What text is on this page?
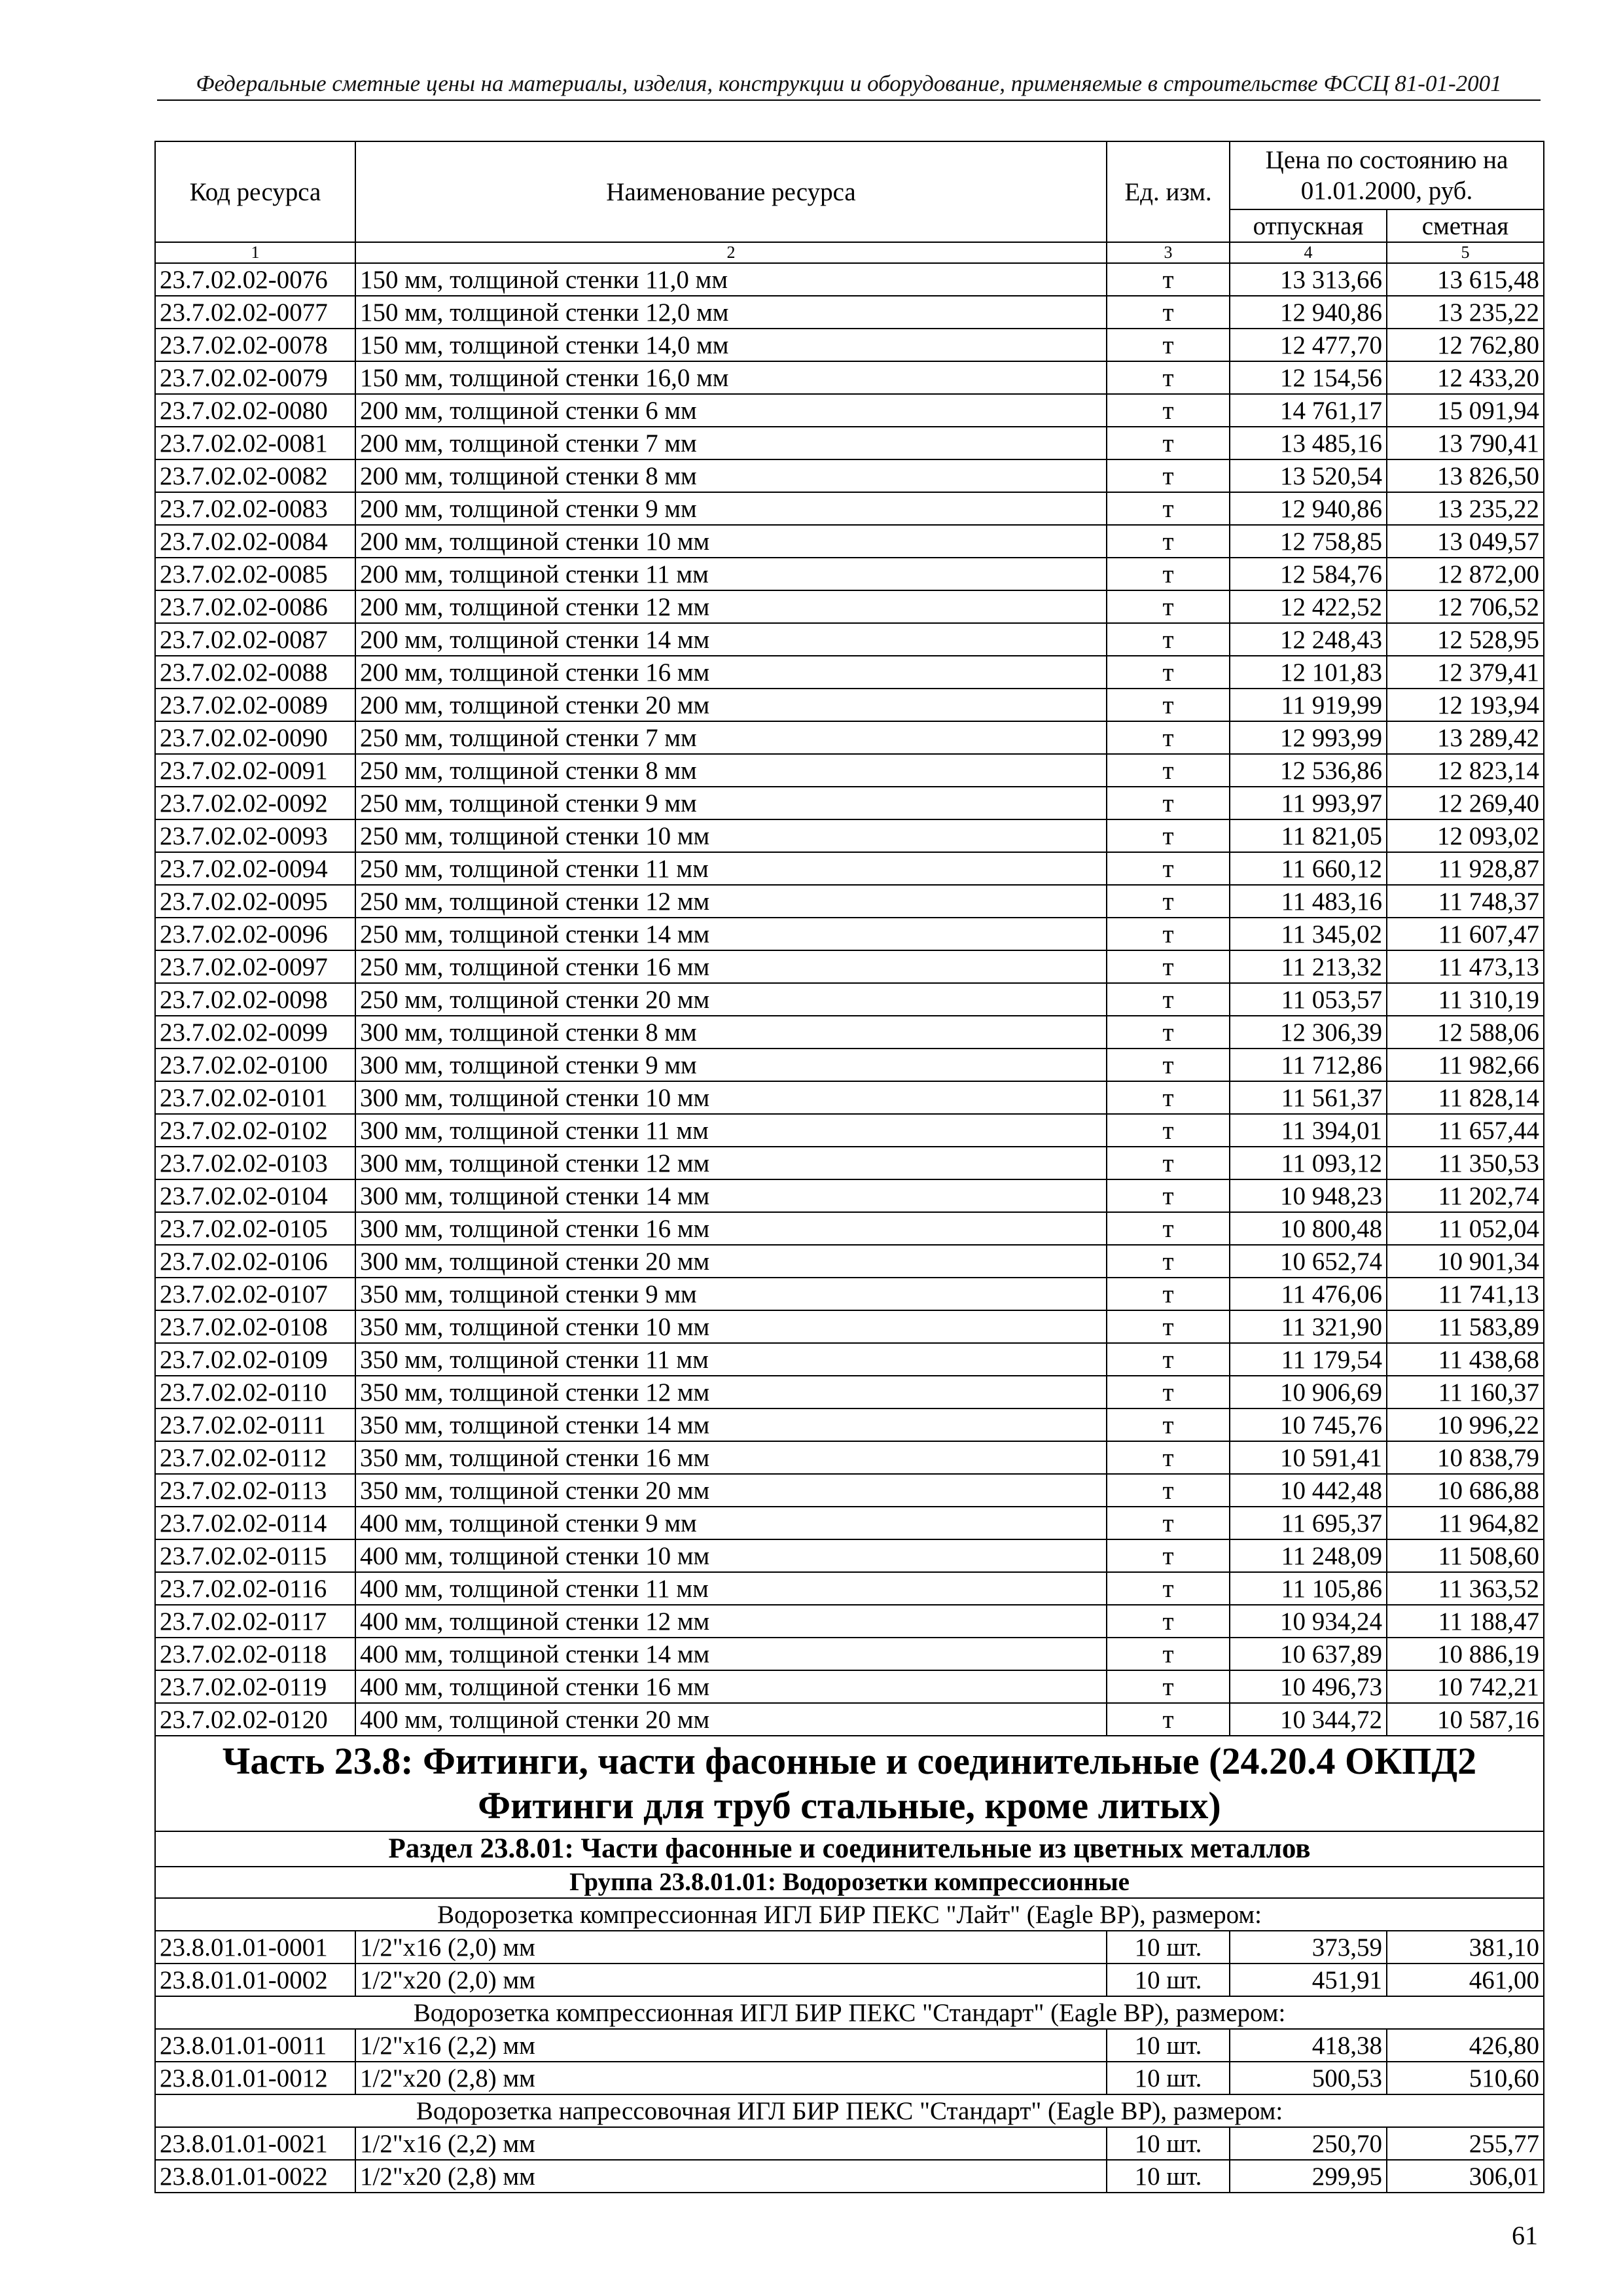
Федеральные сметные цены на материалы, изделия, конструкции и оборудование, применяемые в строительстве ФССЦ 81-01-2001
Код ресурса	Наименование ресурса	Ед. изм.	Цена по состоянию на 01.01.2000, руб.	
			отпускная	сметная
1	2	3	4	5
23.7.02.02-0076	150 мм, толщиной стенки 11,0 мм	т	13 313,66	13 615,48
23.7.02.02-0077	150 мм, толщиной стенки 12,0 мм	т	12 940,86	13 235,22
23.7.02.02-0078	150 мм, толщиной стенки 14,0 мм	т	12 477,70	12 762,80
23.7.02.02-0079	150 мм, толщиной стенки 16,0 мм	т	12 154,56	12 433,20
23.7.02.02-0080	200 мм, толщиной стенки 6 мм	т	14 761,17	15 091,94
23.7.02.02-0081	200 мм, толщиной стенки 7 мм	т	13 485,16	13 790,41
23.7.02.02-0082	200 мм, толщиной стенки 8 мм	т	13 520,54	13 826,50
23.7.02.02-0083	200 мм, толщиной стенки 9 мм	т	12 940,86	13 235,22
23.7.02.02-0084	200 мм, толщиной стенки 10 мм	т	12 758,85	13 049,57
23.7.02.02-0085	200 мм, толщиной стенки 11 мм	т	12 584,76	12 872,00
23.7.02.02-0086	200 мм, толщиной стенки 12 мм	т	12 422,52	12 706,52
23.7.02.02-0087	200 мм, толщиной стенки 14 мм	т	12 248,43	12 528,95
23.7.02.02-0088	200 мм, толщиной стенки 16 мм	т	12 101,83	12 379,41
23.7.02.02-0089	200 мм, толщиной стенки 20 мм	т	11 919,99	12 193,94
23.7.02.02-0090	250 мм, толщиной стенки 7 мм	т	12 993,99	13 289,42
23.7.02.02-0091	250 мм, толщиной стенки 8 мм	т	12 536,86	12 823,14
23.7.02.02-0092	250 мм, толщиной стенки 9 мм	т	11 993,97	12 269,40
23.7.02.02-0093	250 мм, толщиной стенки 10 мм	т	11 821,05	12 093,02
23.7.02.02-0094	250 мм, толщиной стенки 11 мм	т	11 660,12	11 928,87
23.7.02.02-0095	250 мм, толщиной стенки 12 мм	т	11 483,16	11 748,37
23.7.02.02-0096	250 мм, толщиной стенки 14 мм	т	11 345,02	11 607,47
23.7.02.02-0097	250 мм, толщиной стенки 16 мм	т	11 213,32	11 473,13
23.7.02.02-0098	250 мм, толщиной стенки 20 мм	т	11 053,57	11 310,19
23.7.02.02-0099	300 мм, толщиной стенки 8 мм	т	12 306,39	12 588,06
23.7.02.02-0100	300 мм, толщиной стенки 9 мм	т	11 712,86	11 982,66
23.7.02.02-0101	300 мм, толщиной стенки 10 мм	т	11 561,37	11 828,14
23.7.02.02-0102	300 мм, толщиной стенки 11 мм	т	11 394,01	11 657,44
23.7.02.02-0103	300 мм, толщиной стенки 12 мм	т	11 093,12	11 350,53
23.7.02.02-0104	300 мм, толщиной стенки 14 мм	т	10 948,23	11 202,74
23.7.02.02-0105	300 мм, толщиной стенки 16 мм	т	10 800,48	11 052,04
23.7.02.02-0106	300 мм, толщиной стенки 20 мм	т	10 652,74	10 901,34
23.7.02.02-0107	350 мм, толщиной стенки 9 мм	т	11 476,06	11 741,13
23.7.02.02-0108	350 мм, толщиной стенки 10 мм	т	11 321,90	11 583,89
23.7.02.02-0109	350 мм, толщиной стенки 11 мм	т	11 179,54	11 438,68
23.7.02.02-0110	350 мм, толщиной стенки 12 мм	т	10 906,69	11 160,37
23.7.02.02-0111	350 мм, толщиной стенки 14 мм	т	10 745,76	10 996,22
23.7.02.02-0112	350 мм, толщиной стенки 16 мм	т	10 591,41	10 838,79
23.7.02.02-0113	350 мм, толщиной стенки 20 мм	т	10 442,48	10 686,88
23.7.02.02-0114	400 мм, толщиной стенки 9 мм	т	11 695,37	11 964,82
23.7.02.02-0115	400 мм, толщиной стенки 10 мм	т	11 248,09	11 508,60
23.7.02.02-0116	400 мм, толщиной стенки 11 мм	т	11 105,86	11 363,52
23.7.02.02-0117	400 мм, толщиной стенки 12 мм	т	10 934,24	11 188,47
23.7.02.02-0118	400 мм, толщиной стенки 14 мм	т	10 637,89	10 886,19
23.7.02.02-0119	400 мм, толщиной стенки 16 мм	т	10 496,73	10 742,21
23.7.02.02-0120	400 мм, толщиной стенки 20 мм	т	10 344,72	10 587,16
Часть 23.8: Фитинги, части фасонные и соединительные (24.20.4 ОКПД2 Фитинги для труб стальные, кроме литых)				
Раздел 23.8.01: Части фасонные и соединительные из цветных металлов				
Группа 23.8.01.01: Водорозетки компрессионные				
Водорозетка компрессионная ИГЛ БИР ПЕКС "Лайт" (Eagle BP), размером:				
23.8.01.01-0001	1/2"х16 (2,0) мм	10 шт.	373,59	381,10
23.8.01.01-0002	1/2"х20 (2,0) мм	10 шт.	451,91	461,00
Водорозетка компрессионная ИГЛ БИР ПЕКС "Стандарт" (Eagle BP), размером:				
23.8.01.01-0011	1/2"х16 (2,2) мм	10 шт.	418,38	426,80
23.8.01.01-0012	1/2"х20 (2,8) мм	10 шт.	500,53	510,60
Водорозетка напрессовочная ИГЛ БИР ПЕКС "Стандарт" (Eagle BP), размером:				
23.8.01.01-0021	1/2"х16 (2,2) мм	10 шт.	250,70	255,77
23.8.01.01-0022	1/2"х20 (2,8) мм	10 шт.	299,95	306,01
61
